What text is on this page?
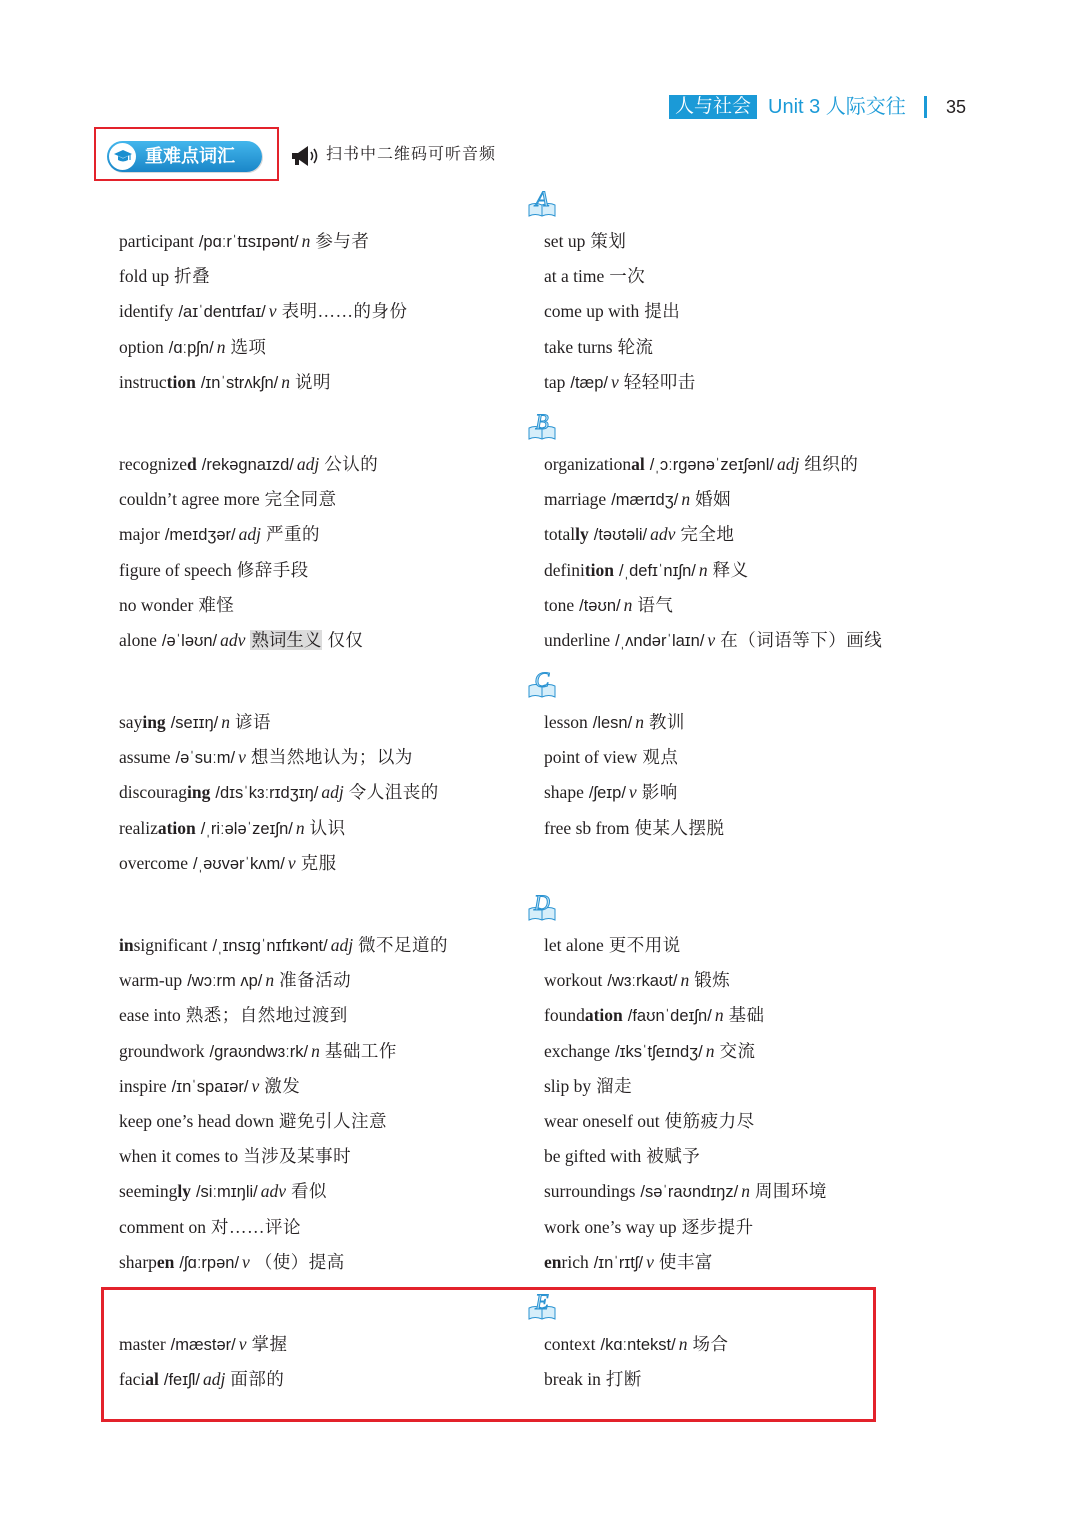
人与社会 Unit 3 人际交往 35
重难点词汇	扫书中二维码可听音频
A
participant /pɑːrˈtɪsɪpənt/ n 参与者
fold up 折叠
identify /aɪˈdentɪfaɪ/ v 表明……的身份
option /ɑːpʃn/ n 选项
instruction /ɪnˈstrʌkʃn/ n 说明
set up 策划
at a time 一次
come up with 提出
take turns 轮流
tap /tæp/ v 轻轻叩击
B
recognized /rekəgnaɪzd/ adj 公认的
couldn’t agree more 完全同意
major /meɪdʒər/ adj 严重的
figure of speech 修辞手段
no wonder 难怪
alone /əˈləʊn/ adv 熟词生义 仅仅
organizational /ˌɔːrgənəˈzeɪʃənl/ adj 组织的
marriage /mærɪdʒ/ n 婚姻
totally /təʊtəli/ adv 完全地
definition /ˌdefɪˈnɪʃn/ n 释义
tone /təʊn/ n 语气
underline /ˌʌndərˈlaɪn/ v 在（词语等下）画线
C
saying /seɪɪŋ/ n 谚语
assume /əˈsuːm/ v 想当然地认为；以为
discouraging /dɪsˈkɜːrɪdʒɪŋ/ adj 令人沮丧的
realization /ˌriːələˈzeɪʃn/ n 认识
overcome /ˌəʊvərˈkʌm/ v 克服
lesson /lesn/ n 教训
point of view 观点
shape /ʃeɪp/ v 影响
free sb from 使某人摆脱
D
insignificant /ˌɪnsɪgˈnɪfɪkənt/ adj 微不足道的
warm-up /wɔːrm ʌp/ n 准备活动
ease into 熟悉；自然地过渡到
groundwork /graʊndwɜːrk/ n 基础工作
inspire /ɪnˈspaɪər/ v 激发
keep one’s head down 避免引人注意
when it comes to 当涉及某事时
seemingly /siːmɪŋli/ adv 看似
comment on 对……评论
sharpen /ʃɑːrpən/ v （使）提高
let alone 更不用说
workout /wɜːrkaʊt/ n 锻炼
foundation /faʊnˈdeɪʃn/ n 基础
exchange /ɪksˈtʃeɪndʒ/ n 交流
slip by 溜走
wear oneself out 使筋疲力尽
be gifted with 被赋予
surroundings /səˈraʊndɪŋz/ n 周围环境
work one’s way up 逐步提升
enrich /ɪnˈrɪtʃ/ v 使丰富
E
master /mæstər/ v 掌握
facial /feɪʃl/ adj 面部的
context /kɑːntekst/ n 场合
break in 打断
